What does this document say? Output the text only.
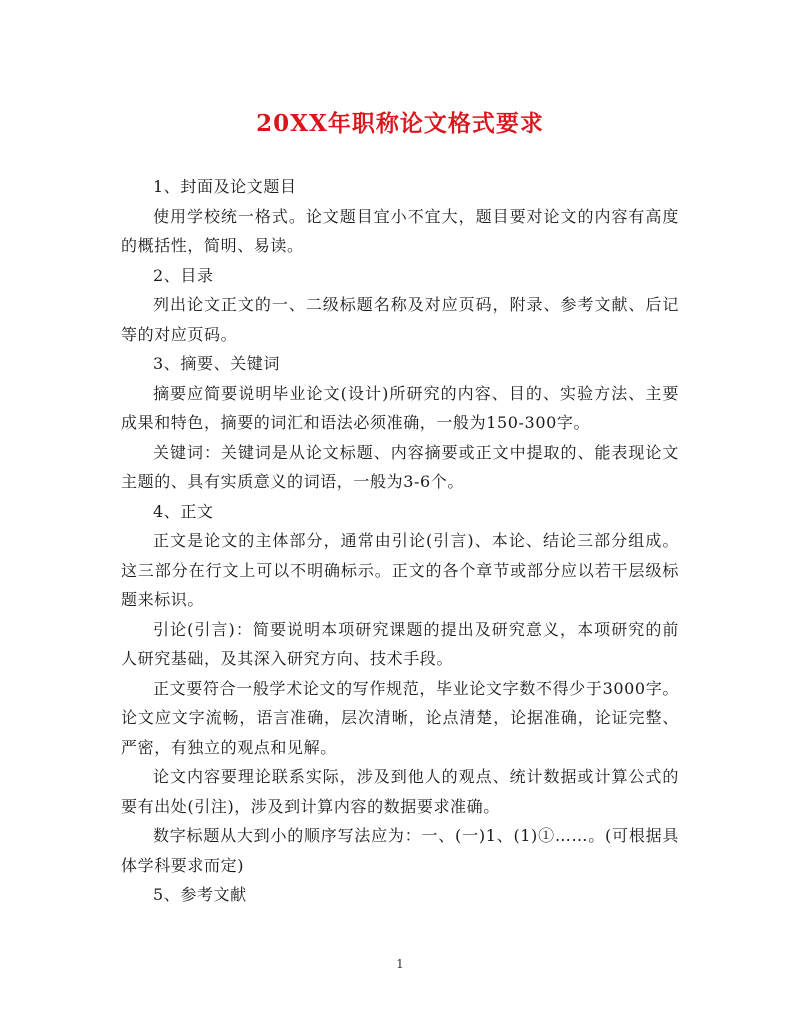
20XX年职称论文格式要求

1、封面及论文题目

使用学校统一格式。论文题目宜小不宜大，题目要对论文的内容有高度的概括性，简明、易读。

2、目录

列出论文正文的一、二级标题名称及对应页码，附录、参考文献、后记等的对应页码。

3、摘要、关键词

摘要应简要说明毕业论文(设计)所研究的内容、目的、实验方法、主要成果和特色，摘要的词汇和语法必须准确，一般为150-300字。

关键词：关键词是从论文标题、内容摘要或正文中提取的、能表现论文主题的、具有实质意义的词语，一般为3-6个。

4、正文

正文是论文的主体部分，通常由引论(引言)、本论、结论三部分组成。这三部分在行文上可以不明确标示。正文的各个章节或部分应以若干层级标题来标识。

引论(引言)：简要说明本项研究课题的提出及研究意义，本项研究的前人研究基础，及其深入研究方向、技术手段。

正文要符合一般学术论文的写作规范，毕业论文字数不得少于3000字。论文应文字流畅，语言准确，层次清晰，论点清楚，论据准确，论证完整、严密，有独立的观点和见解。

论文内容要理论联系实际，涉及到他人的观点、统计数据或计算公式的要有出处(引注)，涉及到计算内容的数据要求准确。

数字标题从大到小的顺序写法应为：一、(一)1、(1)①……。(可根据具体学科要求而定)

5、参考文献

1
